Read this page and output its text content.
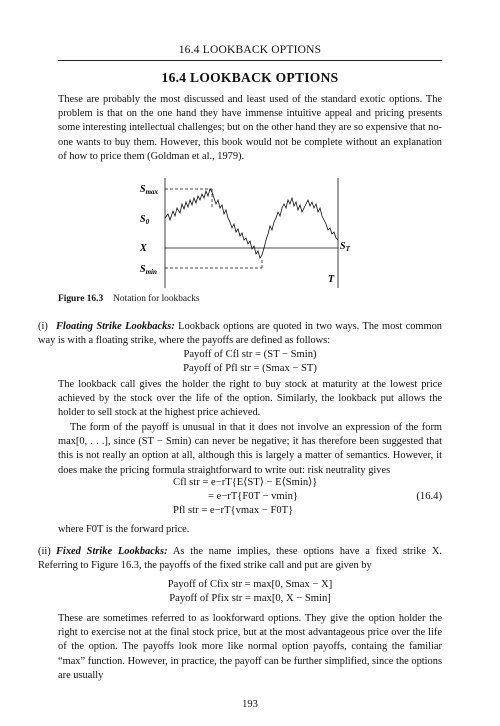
16.4 LOOKBACK OPTIONS
16.4 LOOKBACK OPTIONS

These are probably the most discussed and least used of the standard exotic options. The problem is that on the one hand they have immense intuitive appeal and pricing presents some interesting intellectual challenges; but on the other hand they are so expensive that no-one wants to buy them. However, this book would not be complete without an explanation of how to price them (Goldman et al., 1979).

$S_{max}$
$S_0$
X
$S_{min}$
$S_T$
T
Figure 16.3 Notation for lookbacks

(i) Floating Strike Lookbacks: Lookback options are quoted in two ways. The most common way is with a floating strike, where the payoffs are defined as follows:

Payoff of Cfl str = (ST − Smin)
Payoff of Pfl str = (Smax − ST)

The lookback call gives the holder the right to buy stock at maturity at the lowest price achieved by the stock over the life of the option. Similarly, the lookback put allows the holder to sell stock at the highest price achieved.

The form of the payoff is unusual in that it does not involve an expression of the form max[0, . . .], since (ST − Smin) can never be negative; it has therefore been suggested that this is not really an option at all, although this is largely a matter of semantics. However, it does make the pricing formula straightforward to write out: risk neutrality gives

Cfl str = e−rT{E⟨ST⟩ − E⟨Smin⟩}
= e−rT{F0T − vmin}	(16.4)
Pfl str = e−rT{vmax − F0T}

where F0T is the forward price.

(ii) Fixed Strike Lookbacks: As the name implies, these options have a fixed strike X. Referring to Figure 16.3, the payoffs of the fixed strike call and put are given by

Payoff of Cfix str = max[0, Smax − X]
Payoff of Pfix str = max[0, X − Smin]

These are sometimes referred to as lookforward options. They give the option holder the right to exercise not at the final stock price, but at the most advantageous price over the life of the option. The payoffs look more like normal option payoffs, containg the familiar “max” function. However, in practice, the payoff can be further simplified, since the options are usually

193
